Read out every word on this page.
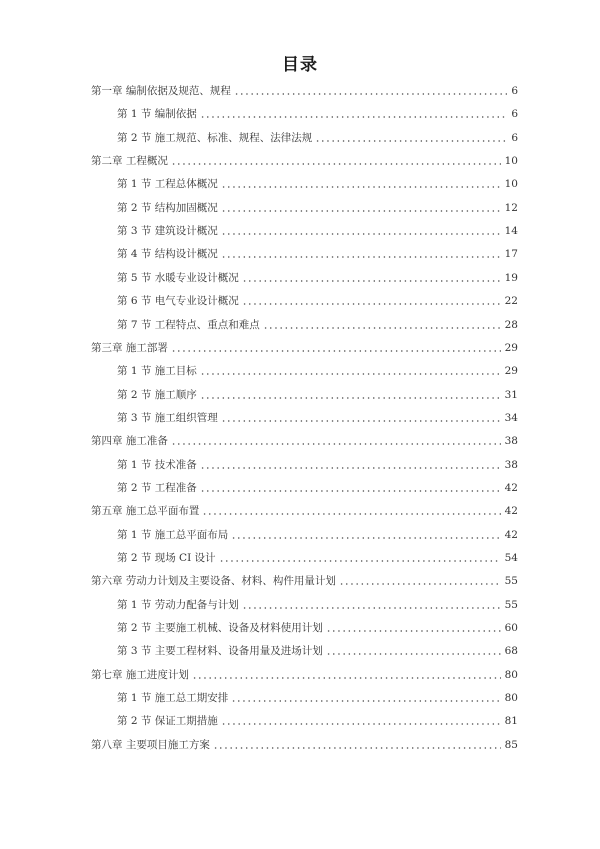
目录
第一章 编制依据及规范、规程	6
第 1 节 编制依据	6
第 2 节 施工规范、标准、规程、法律法规	6
第二章 工程概况	10
第 1 节 工程总体概况	10
第 2 节 结构加固概况	12
第 3 节 建筑设计概况	14
第 4 节 结构设计概况	17
第 5 节 水暖专业设计概况	19
第 6 节 电气专业设计概况	22
第 7 节 工程特点、重点和难点	28
第三章 施工部署	29
第 1 节 施工目标	29
第 2 节 施工顺序	31
第 3 节 施工组织管理	34
第四章 施工准备	38
第 1 节 技术准备	38
第 2 节 工程准备	42
第五章 施工总平面布置	42
第 1 节 施工总平面布局	42
第 2 节 现场 CI 设计	54
第六章 劳动力计划及主要设备、材料、构件用量计划	55
第 1 节 劳动力配备与计划	55
第 2 节 主要施工机械、设备及材料使用计划	60
第 3 节 主要工程材料、设备用量及进场计划	68
第七章 施工进度计划	80
第 1 节 施工总工期安排	80
第 2 节 保证工期措施	81
第八章 主要项目施工方案	85
